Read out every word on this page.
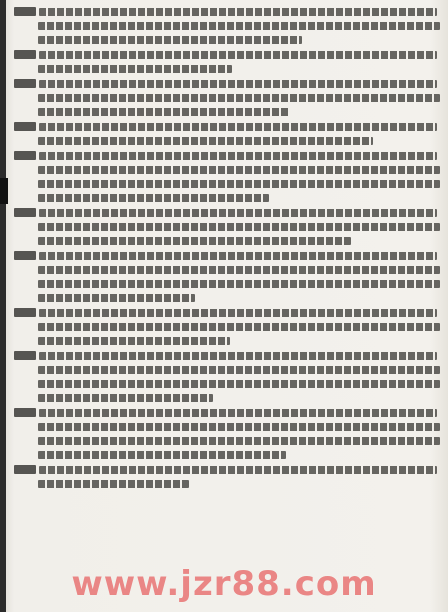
www.jzr88.com
